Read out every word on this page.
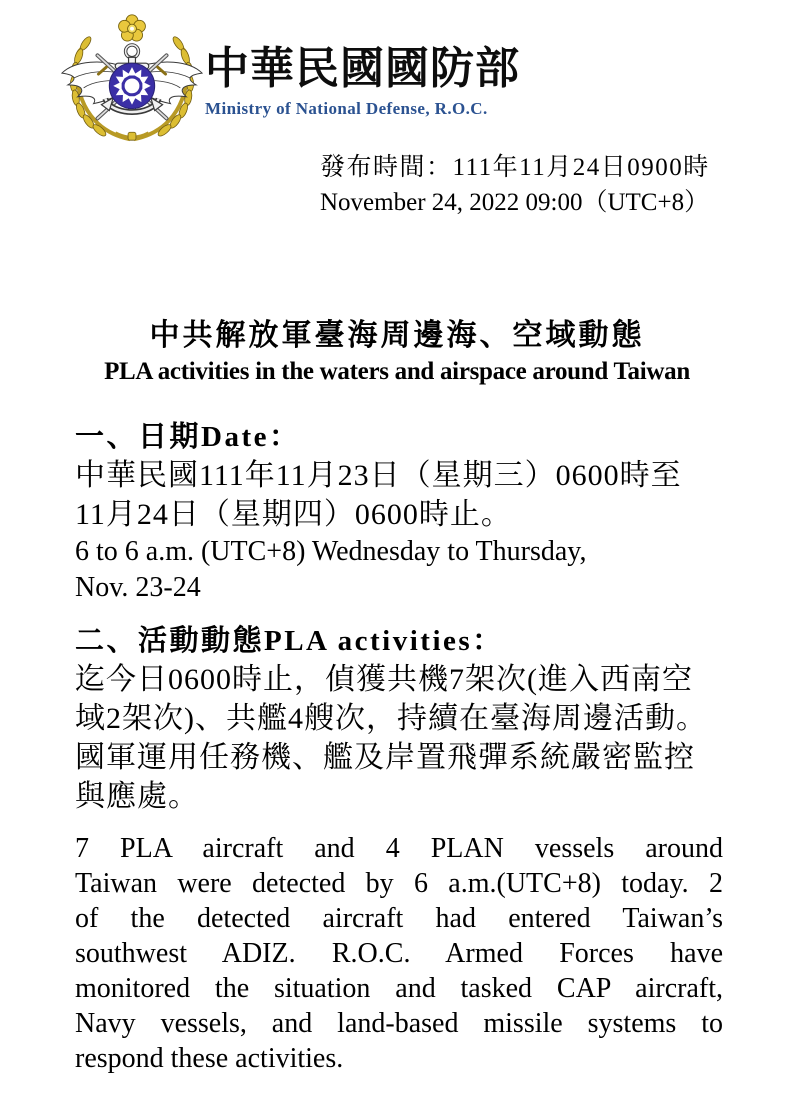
中華民國國防部
Ministry of National Defense, R.O.C.
發布時間：111年11月24日0900時
November 24, 2022 09:00（UTC+8）
中共解放軍臺海周邊海、空域動態
PLA activities in the waters and airspace around Taiwan
一、日期Date：
中華民國111年11月23日（星期三）0600時至
11月24日（星期四）0600時止。
6 to 6 a.m. (UTC+8) Wednesday to Thursday,
Nov. 23-24
二、活動動態PLA activities：
迄今日0600時止，偵獲共機7架次(進入西南空
域2架次)、共艦4艘次，持續在臺海周邊活動。
國軍運用任務機、艦及岸置飛彈系統嚴密監控
與應處。
7 PLA aircraft and 4 PLAN vessels around
Taiwan were detected by 6 a.m.(UTC+8) today. 2
of the detected aircraft had entered Taiwan’s
southwest ADIZ. R.O.C. Armed Forces have
monitored the situation and tasked CAP aircraft,
Navy vessels, and land-based missile systems to
respond these activities.
